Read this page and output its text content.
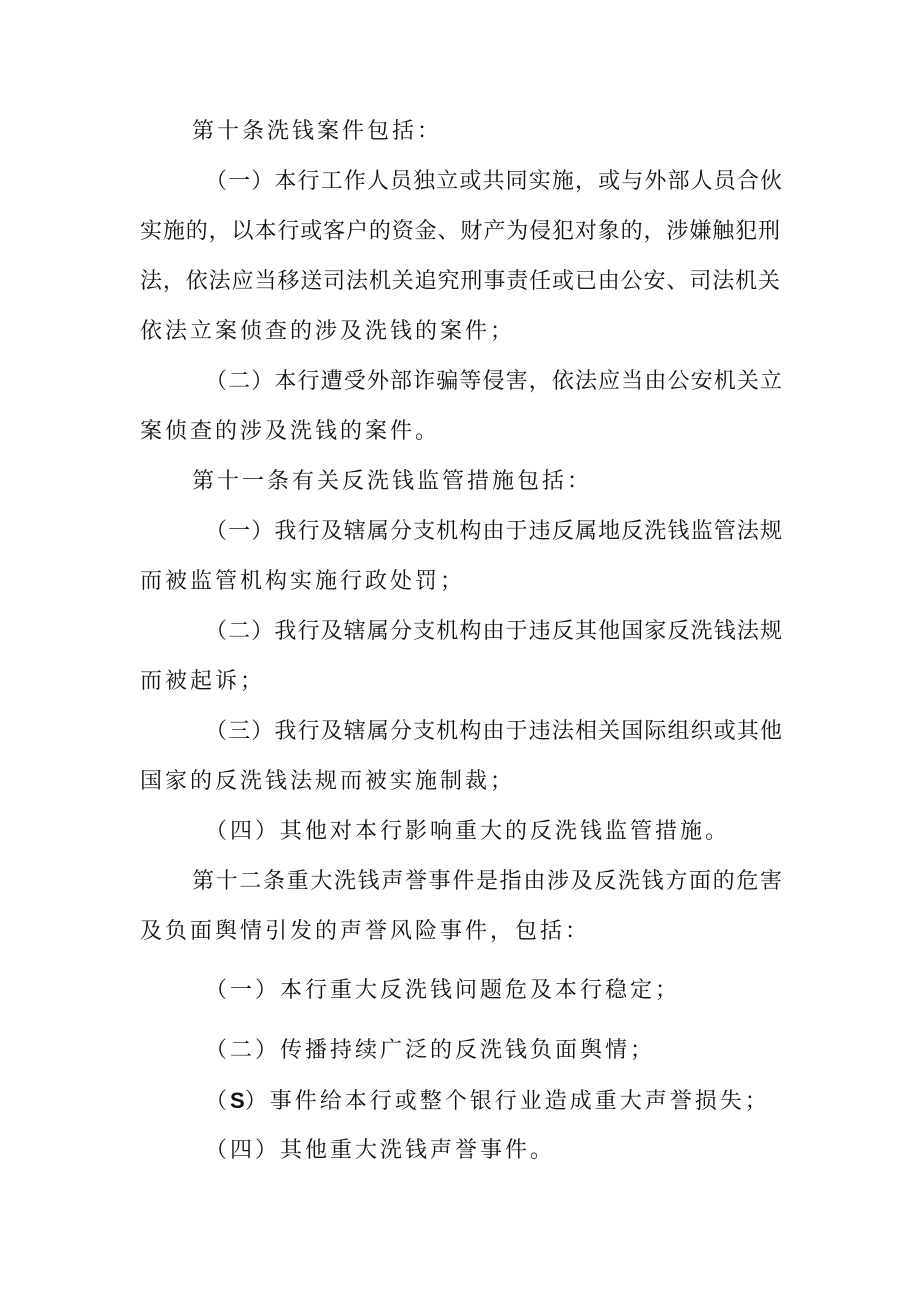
第十条洗钱案件包括：
（一）本行工作人员独立或共同实施，或与外部人员合伙
实施的，以本行或客户的资金、财产为侵犯对象的，涉嫌触犯刑
法，依法应当移送司法机关追究刑事责任或已由公安、司法机关
依法立案侦查的涉及洗钱的案件；
（二）本行遭受外部诈骗等侵害，依法应当由公安机关立
案侦查的涉及洗钱的案件。
第十一条有关反洗钱监管措施包括：
（一）我行及辖属分支机构由于违反属地反洗钱监管法规
而被监管机构实施行政处罚；
（二）我行及辖属分支机构由于违反其他国家反洗钱法规
而被起诉；
（三）我行及辖属分支机构由于违法相关国际组织或其他
国家的反洗钱法规而被实施制裁；
（四）其他对本行影响重大的反洗钱监管措施。
第十二条重大洗钱声誉事件是指由涉及反洗钱方面的危害
及负面舆情引发的声誉风险事件，包括：
（一）本行重大反洗钱问题危及本行稳定；
（二）传播持续广泛的反洗钱负面舆情；
（S）事件给本行或整个银行业造成重大声誉损失；
（四）其他重大洗钱声誉事件。
